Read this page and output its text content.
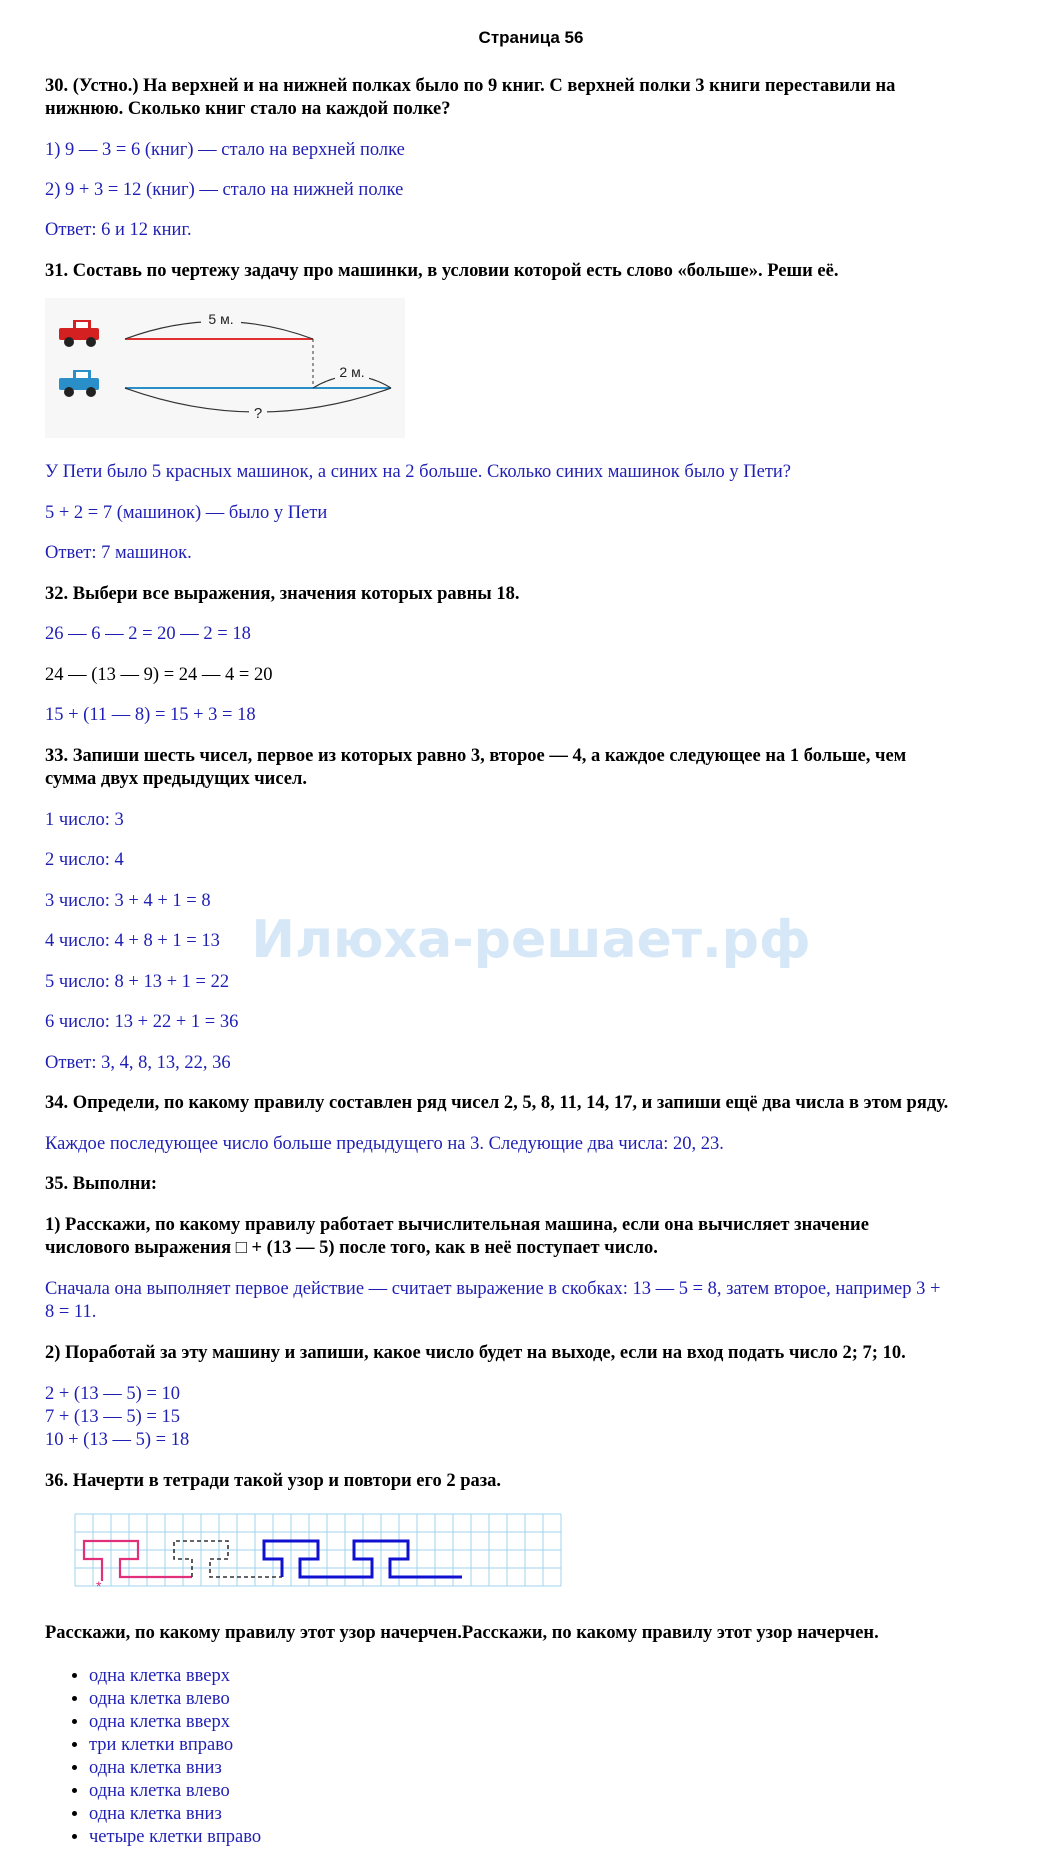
Страница 56
Илюха-решает.рф

30. (Устно.) На верхней и на нижней полках было по 9 книг. С верхней полки 3 книги переставили на

нижнюю. Сколько книг стало на каждой полке?

1) 9 — 3 = 6 (книг) — стало на верхней полке

2) 9 + 3 = 12 (книг) — стало на нижней полке

Ответ: 6 и 12 книг.

31. Составь по чертежу задачу про машинки, в условии которой есть слово «больше». Реши её.

5 м.
2 м.
?

У Пети было 5 красных машинок, а синих на 2 больше. Сколько синих машинок было у Пети?

5 + 2 = 7 (машинок) — было у Пети

Ответ: 7 машинок.

32. Выбери все выражения, значения которых равны 18.

26 — 6 — 2 = 20 — 2 = 18

24 — (13 — 9) = 24 — 4 = 20

15 + (11 — 8) = 15 + 3 = 18

33. Запиши шесть чисел, первое из которых равно 3, второе — 4, а каждое следующее на 1 больше, чем

сумма двух предыдущих чисел.

1 число: 3

2 число: 4

3 число: 3 + 4 + 1 = 8

4 число: 4 + 8 + 1 = 13

5 число: 8 + 13 + 1 = 22

6 число: 13 + 22 + 1 = 36

Ответ: 3, 4, 8, 13, 22, 36

34. Определи, по какому правилу составлен ряд чисел 2, 5, 8, 11, 14, 17, и запиши ещё два числа в этом ряду.

Каждое последующее число больше предыдущего на 3. Следующие два числа: 20, 23.

35. Выполни:

1) Расскажи, по какому правилу работает вычислительная машина, если она вычисляет значение

числового выражения □ + (13 — 5) после того, как в неё поступает число.

Сначала она выполняет первое действие — считает выражение в скобках: 13 — 5 = 8, затем второе, например 3 +

8 = 11.

2) Поработай за эту машину и запиши, какое число будет на выходе, если на вход подать число 2; 7; 10.

2 + (13 — 5) = 10

7 + (13 — 5) = 15

10 + (13 — 5) = 18

36. Начерти в тетради такой узор и повтори его 2 раза.

*

Расскажи, по какому правилу этот узор начерчен.Расскажи, по какому правилу этот узор начерчен.

• одна клетка вверх
• одна клетка влево
• одна клетка вверх
• три клетки вправо
• одна клетка вниз
• одна клетка влево
• одна клетка вниз
• четыре клетки вправо
